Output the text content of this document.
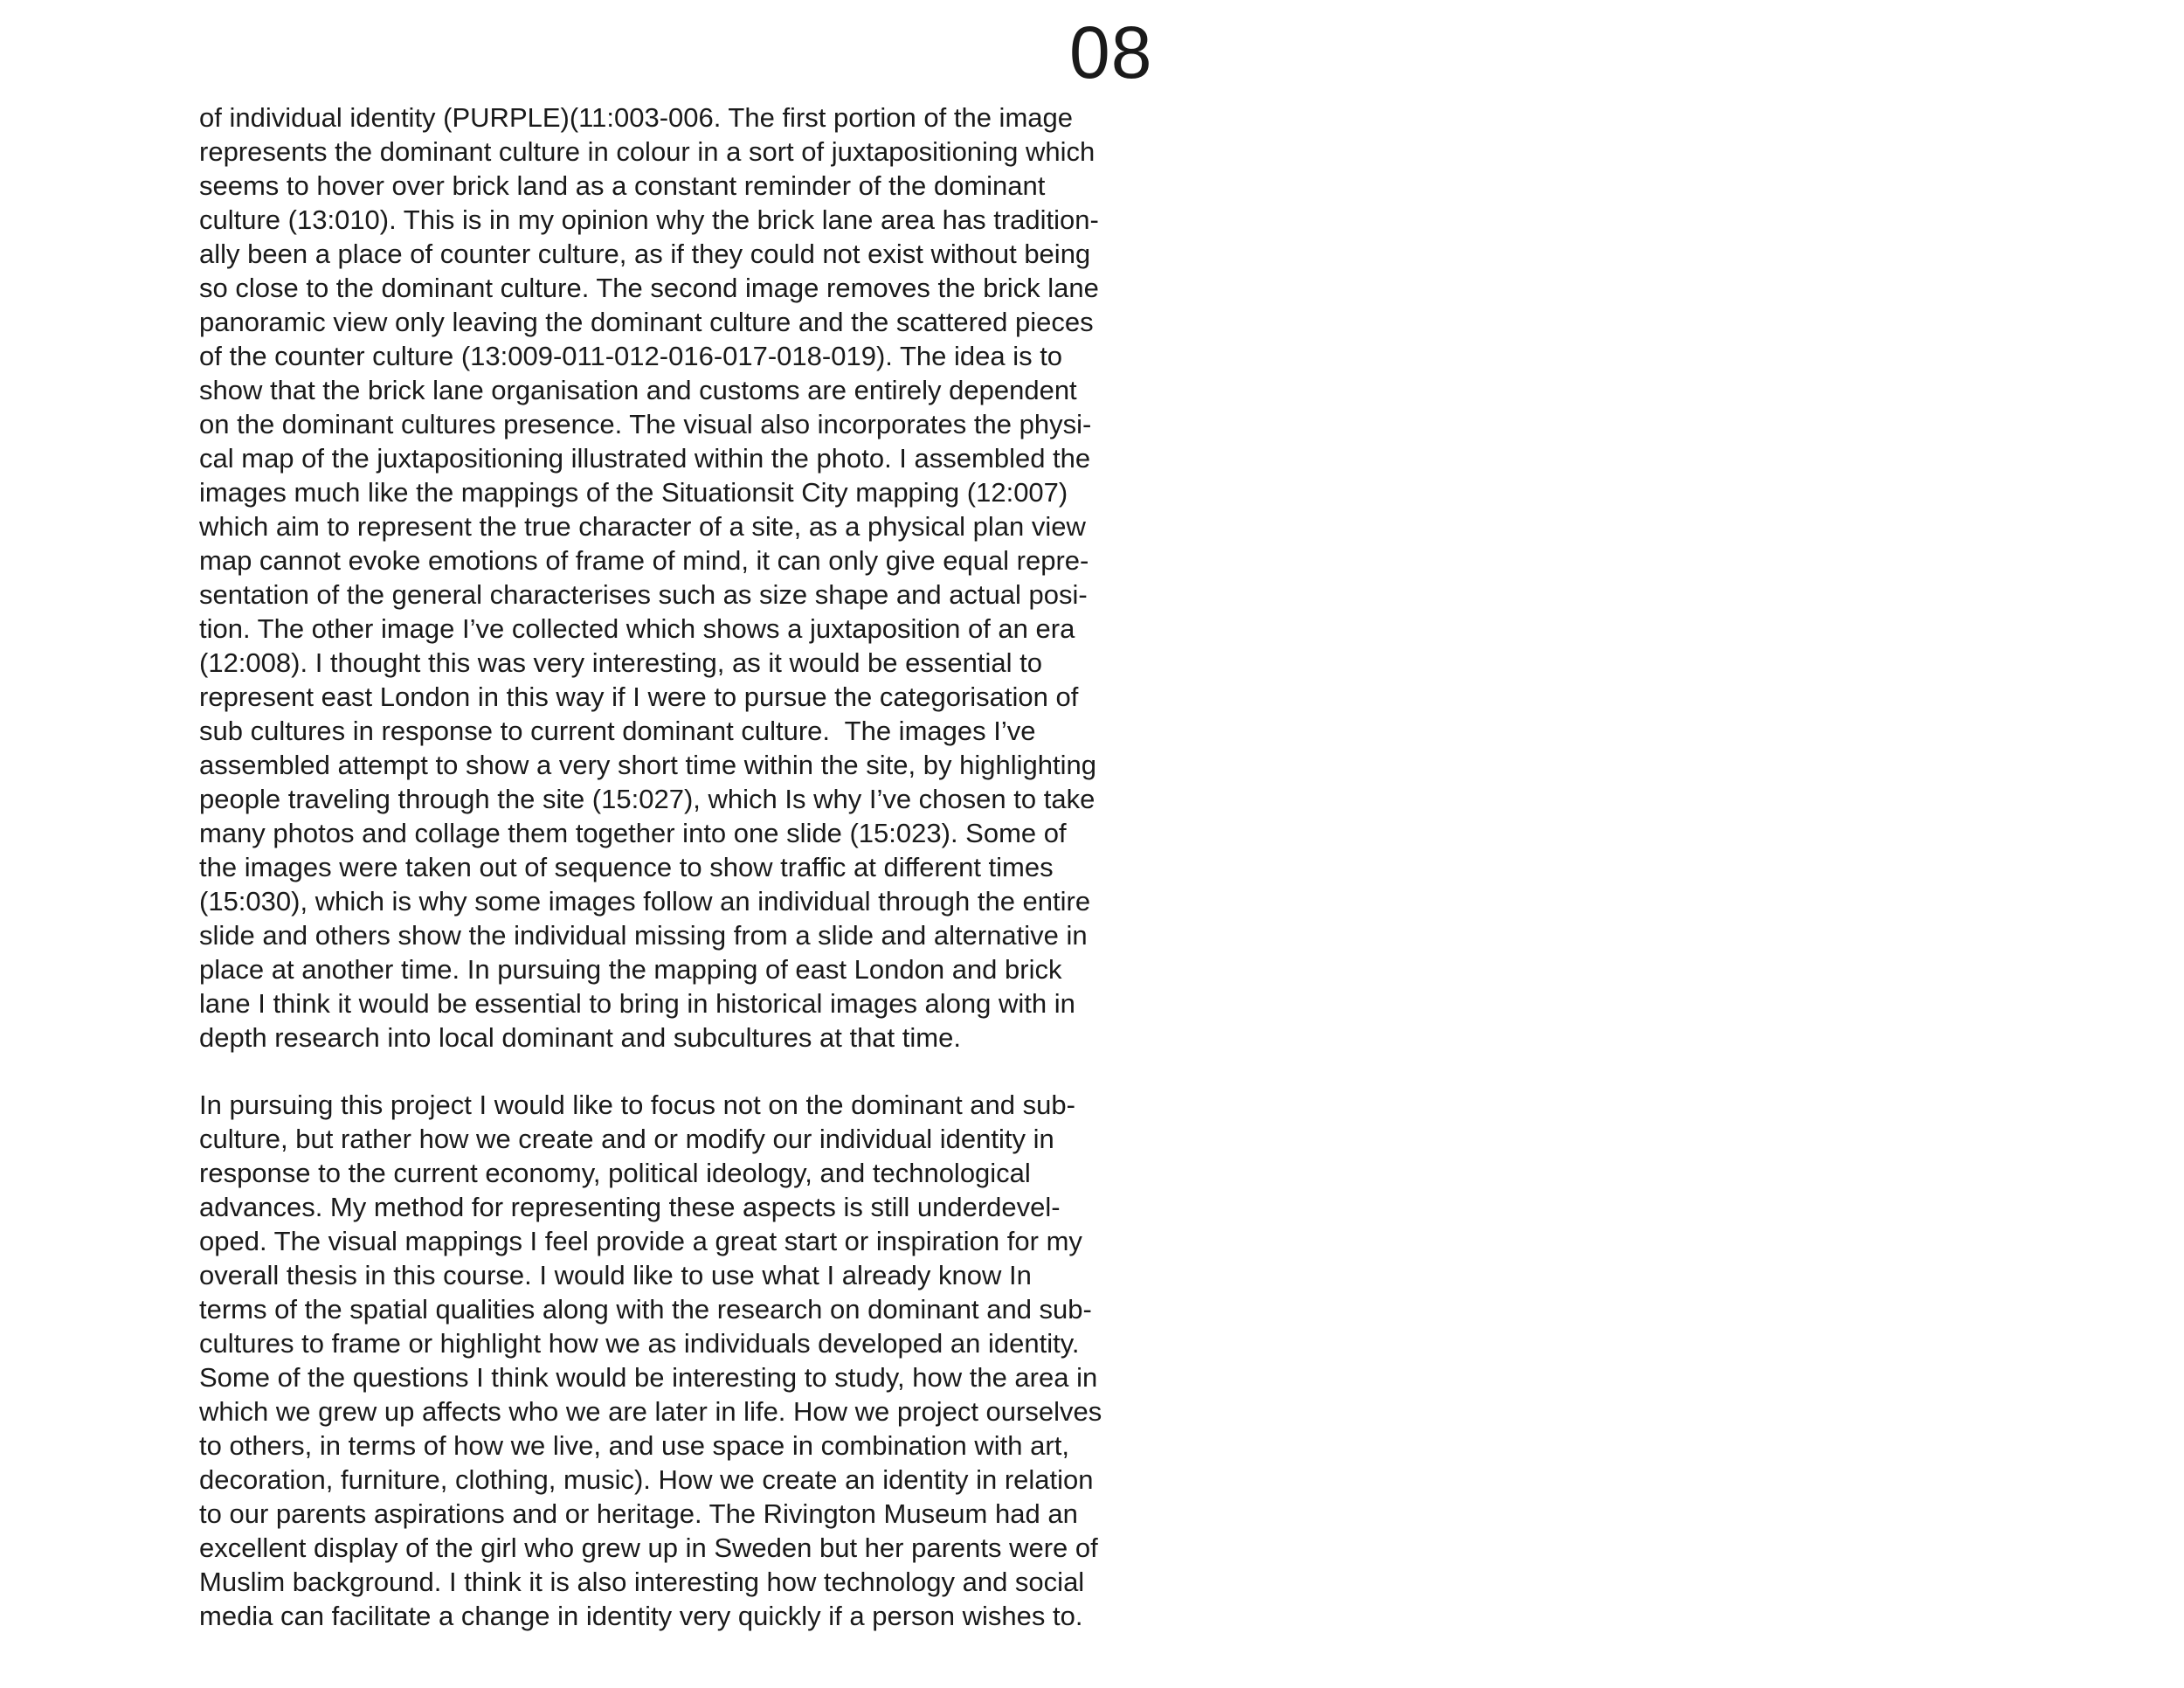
08
of individual identity (PURPLE)(11:003-006. The first portion of the image
represents the dominant culture in colour in a sort of juxtapositioning which
seems to hover over brick land as a constant reminder of the dominant
culture (13:010). This is in my opinion why the brick lane area has tradition-
ally been a place of counter culture, as if they could not exist without being
so close to the dominant culture. The second image removes the brick lane
panoramic view only leaving the dominant culture and the scattered pieces
of the counter culture (13:009-011-012-016-017-018-019). The idea is to
show that the brick lane organisation and customs are entirely dependent
on the dominant cultures presence. The visual also incorporates the physi-
cal map of the juxtapositioning illustrated within the photo. I assembled the
images much like the mappings of the Situationsit City mapping (12:007)
which aim to represent the true character of a site, as a physical plan view
map cannot evoke emotions of frame of mind, it can only give equal repre-
sentation of the general characterises such as size shape and actual posi-
tion. The other image I’ve collected which shows a juxtaposition of an era
(12:008). I thought this was very interesting, as it would be essential to
represent east London in this way if I were to pursue the categorisation of
sub cultures in response to current dominant culture.  The images I’ve
assembled attempt to show a very short time within the site, by highlighting
people traveling through the site (15:027), which Is why I’ve chosen to take
many photos and collage them together into one slide (15:023). Some of
the images were taken out of sequence to show traffic at different times
(15:030), which is why some images follow an individual through the entire
slide and others show the individual missing from a slide and alternative in
place at another time. In pursuing the mapping of east London and brick
lane I think it would be essential to bring in historical images along with in
depth research into local dominant and subcultures at that time.
In pursuing this project I would like to focus not on the dominant and sub-
culture, but rather how we create and or modify our individual identity in
response to the current economy, political ideology, and technological
advances. My method for representing these aspects is still underdevel-
oped. The visual mappings I feel provide a great start or inspiration for my
overall thesis in this course. I would like to use what I already know In
terms of the spatial qualities along with the research on dominant and sub-
cultures to frame or highlight how we as individuals developed an identity.
Some of the questions I think would be interesting to study, how the area in
which we grew up affects who we are later in life. How we project ourselves
to others, in terms of how we live, and use space in combination with art,
decoration, furniture, clothing, music). How we create an identity in relation
to our parents aspirations and or heritage. The Rivington Museum had an
excellent display of the girl who grew up in Sweden but her parents were of
Muslim background. I think it is also interesting how technology and social
media can facilitate a change in identity very quickly if a person wishes to.
